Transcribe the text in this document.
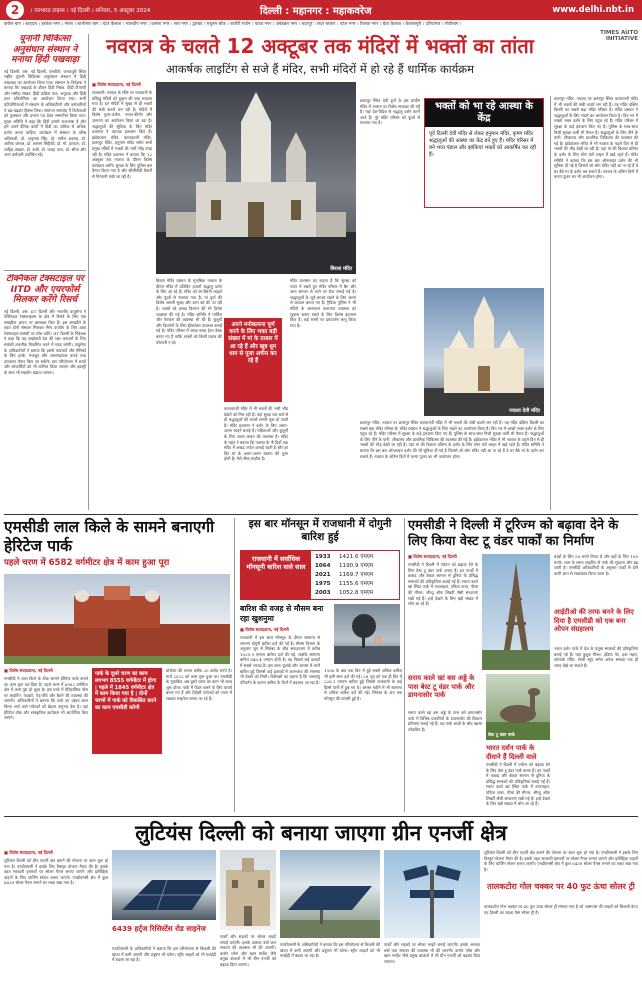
2	। नवभारत टाइम्स । नई दिल्ली । शनिवार, 5 अक्टूबर 2024	दिल्ली : महानगर : महाकवरेज	www.delhi.nbt.in
करोल बाग । शाहदरा । हरकेश नगर । नरेला । शालीमार बाग । ग्रेटर कैलाश । मालवीय नगर । कमला नगर । सरा नगर । द्वारका । मधुबन चौक । राजौरी गार्डन । पांडव नगर । अंबेडकर नगर । बदरपुर । सदर बाजार । पटेल नगर । तिलक नगर । ग्रेटर कैलाश । कैलाशपुरी । दरियागंज । मोतीबाग ।
TIMES AUTO INITIATIVE
यूनानी चिकित्सा अनुसंधान संस्थान ने मनाया हिंदी पखवाड़ा
नई दिल्ली, वसं: नई दिल्ली, एनबीटी: जनकपुरी स्थित राष्ट्रीय यूनानी चिकित्सा अनुसंधान संस्थान में हिंदी पखवाड़ा का आयोजन किया गया। संस्थान के निदेशक ने बताया कि पखवाड़े के दौरान हिंदी निबंध, हिंदी टिप्पणी और मसौदा लेखन, हिंदी कविता पाठ, अनुवाद और हिंदी ज्ञान प्रतियोगिता का आयोजन किया गया। सभी प्रतियोगिताओं में संस्थान के अधिकारियों और कर्मचारियों ने बढ़-चढ़कर हिस्सा लिया। समापन समारोह में विजेताओं को पुरस्कार और प्रमाण पत्र देकर सम्मानित किया गया। मुख्य अतिथि ने कहा कि हिंदी हमारी राजभाषा है और हमें अपने दैनिक कार्यों में हिंदी का अधिक से अधिक प्रयोग करना चाहिए। कार्यक्रम में संस्थान के वरिष्ठ अधिकारी, डॉ. अनुराधा सिंह, डॉ. नसीम अहमद, डॉ. आरिफ जमाल, डॉ. शबनम सिद्दीकी, डॉ. मो. इरफान, डॉ. शाहिद अख्तर, डॉ. रूबी, डॉ. फरहा नाज, डॉ. सीमा और अन्य कर्मचारी उपस्थित रहे।
टेक्निकल टेक्सटाइल पर IITD और एयरफोर्स मिलकर करेंगे रिसर्च
नई दिल्ली, वसं: IIT दिल्ली और भारतीय वायुसेना ने टेक्निकल टेक्सटाइल्स के क्षेत्र में रिसर्च के लिए एक समझौता ज्ञापन पर हस्ताक्षर किए हैं। इस समझौते के तहत दोनों संस्थान मिलकर सैन्य उपयोग के लिए उन्नत टेक्सटाइल सामग्री पर शोध करेंगे। IIT दिल्ली के निदेशक ने कहा कि यह साझेदारी देश की रक्षा जरूरतों के लिए स्वदेशी तकनीक विकसित करने में मदद करेगी। वायुसेना के अधिकारियों ने बताया कि इससे पायलटों और सैनिकों के लिए हल्के, मजबूत और आरामदायक कपड़े तथा उपकरण तैयार किए जा सकेंगे। इस परियोजना में छात्रों और शोधार्थियों को भी शामिल किया जाएगा और इंडस्ट्री के साथ भी सहयोग बढ़ाया जाएगा।
नवरात्र के चलते 12 अक्टूबर तक मंदिरों में भक्तों का तांता
आकर्षक लाइटिंग से सजे हैं मंदिर, सभी मंदिरों में हो रहे हैं धार्मिक कार्यक्रम
■ विशेष संवाददाता, नई दिल्ली
राजधानी: नवरात्र के मौके पर राजधानी के प्रसिद्ध मंदिरों को दुल्हन की तरह सजाया गया है। इन मंदिरों में सुबह से ही भक्तों की लंबी कतारें लग रही हैं। मंदिरों में विशेष पूजा-अर्चना, भजन-कीर्तन और जागरण का आयोजन किया जा रहा है। श्रद्धालुओं की सुविधा के लिए मंदिर प्रशासन ने व्यापक इंतजाम किए हैं। झंडेवालान मंदिर, कालकाजी मंदिर, छतरपुर मंदिर, हनुमान मंदिर समेत सभी प्रमुख मंदिरों में भक्तों की भारी भीड़ उमड़ रही है। मंदिर प्रशासन ने बताया कि 12 अक्टूबर तक नवरात्र के दौरान विशेष कार्यक्रम चलेंगे। सुरक्षा के लिए पुलिस बल तैनात किया गया है और सीसीटीवी कैमरों से निगरानी रखी जा रही है।
बिरला मंदिर
बिरला मंदिर प्रबंधन के मुताबिक नवरात्र के दौरान मंदिर में प्रतिदिन हजारों श्रद्धालु दर्शन के लिए आ रहे हैं। मंदिर को रंग-बिरंगी लाइटों और फूलों से सजाया गया है। मां दुर्गा की विशेष आरती सुबह और शाम को की जा रही है। भक्तों को प्रसाद वितरण की भी विशेष व्यवस्था की गई है। मंदिर समिति ने पार्किंग और पेयजल की व्यवस्था भी की है। बुजुर्गों और दिव्यांगों के लिए व्हीलचेयर उपलब्ध कराई गई है। मंदिर परिसर में जगह-जगह हेल्प डेस्क बनाए गए हैं ताकि भक्तों को किसी प्रकार की परेशानी न हो।
अपने मनोकामना पूर्ण करने के लिए भक्त बड़ी संख्या में मां के दरबार में आ रहे हैं और खूब धूम धाम से पूजा अर्चना कर रहे हैं
कालकाजी मंदिर में भी भक्तों की भारी भीड़ देखने को मिल रही है। यहां सुबह चार बजे से ही श्रद्धालुओं की कतारें लगनी शुरू हो जाती हैं। मंदिर प्रशासन ने दर्शन के लिए अलग-अलग लाइनें बनाई हैं। महिलाओं और बुजुर्गों के लिए अलग लाइन की व्यवस्था है। मंदिर के महंत ने बताया कि नवरात्र के नौ दिनों तक मंदिर में अखंड ज्योत जलाई जाती है और हर दिन मां के अलग-अलग स्वरूप की पूजा होती है। मेले जैसा माहौल है।
मंदिर प्रशासन का कहना है कि सुरक्षा को ध्यान में रखते हुए मंदिर परिसर में बैग और अन्य सामान ले जाने पर रोक लगाई गई है। श्रद्धालुओं के जूते-चप्पल रखने के लिए अलग से काउंटर बनाए गए हैं। ट्रैफिक पुलिस ने भी मंदिरों के आसपास यातायात व्यवस्था को सुचारू बनाए रखने के लिए विशेष इंतजाम किए हैं। कई रास्तों पर डायवर्जन लागू किया गया है।
छतरपुर स्थित देवी दुर्गा के इस प्राचीन मंदिर में नवरात्र पर विशेष सजावट की गई है। यहां देश-विदेश से श्रद्धालु दर्शन करने आते हैं। पूरे मंदिर परिसर को फूलों से सजाया गया है।
भक्तों को भा रहे आस्था के केंद्र
पूर्व दिल्ली देवी मंदिर से लेकर हनुमान मंदिर, कृष्ण मंदिर श्रद्धालुओं की आस्था का केंद्र बने हुए हैं। मंदिर परिसर में बने भव्य पंडाल और झांकियां भक्तों को आकर्षित कर रही हैं।
ज्वाला देवी मंदिर
छतरपुर मंदिर: नवरात्र पर छतरपुर स्थित कात्यायनी मंदिर में भी भक्तों की लंबी कतारें लग रही हैं। यह मंदिर दक्षिण दिल्ली का सबसे बड़ा मंदिर परिसर है। मंदिर प्रबंधन ने श्रद्धालुओं के लिए भंडारे का आयोजन किया है। दिन भर में लाखों भक्त दर्शन के लिए पहुंच रहे हैं। मंदिर परिसर में सुरक्षा के कड़े इंतजाम किए गए हैं। पुलिस के साथ-साथ निजी सुरक्षा कर्मी भी तैनात हैं। श्रद्धालुओं के लिए पीने के पानी, शौचालय और प्राथमिक चिकित्सा की व्यवस्था की गई है। झंडेवालान मंदिर में भी नवरात्र के पहले दिन से ही भक्तों की भीड़ देखी जा रही है। यहां मां की विशाल प्रतिमा के दर्शन के लिए लोग घंटों लाइन में खड़े रहते हैं। मंदिर समिति ने बताया कि इस बार ऑनलाइन दर्शन की भी सुविधा दी गई है जिससे जो लोग मंदिर नहीं आ पा रहे हैं वे घर बैठे मां के दर्शन कर सकते हैं। नवरात्र के अंतिम दिनों में कन्या पूजन का भी आयोजन होगा।
छतरपुर मंदिर: नवरात्र पर छतरपुर स्थित कात्यायनी मंदिर में भी भक्तों की लंबी कतारें लग रही हैं। यह मंदिर दक्षिण दिल्ली का सबसे बड़ा मंदिर परिसर है। मंदिर प्रबंधन ने श्रद्धालुओं के लिए भंडारे का आयोजन किया है। दिन भर में लाखों भक्त दर्शन के लिए पहुंच रहे हैं। मंदिर परिसर में सुरक्षा के कड़े इंतजाम किए गए हैं। पुलिस के साथ-साथ निजी सुरक्षा कर्मी भी तैनात हैं। श्रद्धालुओं के लिए पीने के पानी, शौचालय और प्राथमिक चिकित्सा की व्यवस्था की गई है। झंडेवालान मंदिर में भी नवरात्र के पहले दिन से ही भक्तों की भीड़ देखी जा रही है। यहां मां की विशाल प्रतिमा के दर्शन के लिए लोग घंटों लाइन में खड़े रहते हैं। मंदिर समिति ने बताया कि इस बार ऑनलाइन दर्शन की भी सुविधा दी गई है जिससे जो लोग मंदिर नहीं आ पा रहे हैं वे घर बैठे मां के दर्शन कर सकते हैं। नवरात्र के अंतिम दिनों में कन्या पूजन का भी आयोजन होगा।
एमसीडी लाल किले के सामने बनाएगी हेरिटेज पार्क
पहले चरण में 6582 वर्गमीटर क्षेत्र में काम हुआ पूरा
पार्क के दूसरे चरण का काम लगभग 8555 वर्गमीटर में होगा | पहले में 1845 वर्गमीटर क्षेत्र में काम किया गया है | दोनों चरणों में पार्क को विकसित करने का काम एमसीडी करेगी
■ विशेष संवाददाता, नई दिल्ली
एमसीडी ने लाल किले के ठीक सामने हेरिटेज पार्क बनाने का काम शुरू कर दिया है। पहले चरण में 6582 वर्गमीटर क्षेत्र में काम पूरा हो चुका है। इस पार्क में ऐतिहासिक थीम पर लाइटिंग, फव्वारे, पेड़-पौधे और बैठने की व्यवस्था की जाएगी। अधिकारियों ने बताया कि पार्क का उद्देश्य लाल किला आने वाले पर्यटकों को बेहतर अनुभव देना है। यहां हेरिटेज वॉक और सांस्कृतिक कार्यक्रम भी आयोजित किए जाएंगे।
प्रोजेक्ट की लागत करीब 20 करोड़ रुपये है। मार्च 2022 को काम शुरू हुआ था। एमसीडी के मुताबिक अब दूसरे चरण का काम भी जल्द शुरू होगा। पार्क में पैदल चलने के लिए पाथवे बनाए गए हैं और विदेशी पर्यटकों को ध्यान में रखकर साइनेज लगाए जा रहे हैं।
इस बार मॉनसून में राजधानी में दोगुनी बारिश हुई
राजधानी में सर्वाधिक मॉनसूनी बारिश वाले साल
1933	1421.6 एमएम
1064	1190.9 एमएम
2021	1169.7 एमएम
1975	1155.6 एमएम
2003	1052.8 एमएम
बारिश की वजह से मौसम बना रहा खुशनुमा
■ विशेष संवाददाता, नई दिल्ली
राजधानी में इस साल मॉनसून के दौरान सामान्य से लगभग दोगुनी बारिश दर्ज की गई है। मौसम विभाग के अनुसार जून से सितंबर के बीच सफदरजंग में करीब 1029.9 एमएम बारिश दर्ज की गई, जबकि सामान्य बारिश 640.4 एमएम होती है। यह पिछले कई दशकों में सबसे ज्यादा है। इस साल जुलाई और अगस्त में भारी बारिश हुई जिससे कई इलाकों में जलभराव की समस्या भी देखने को मिली। विशेषज्ञों का कहना है कि जलवायु परिवर्तन के कारण बारिश के पैटर्न में बदलाव आ रहा है।
1936 के बाद एक दिन में हुई सबसे अधिक बारिश भी इसी साल दर्ज की गई। 28 जून को एक ही दिन में 228.1 एमएम बारिश हुई जिससे राजधानी के कई हिस्से पानी में डूब गए थे। अगस्त महीने में भी सामान्य से अधिक बारिश दर्ज की गई। सितंबर के अंत तक मॉनसून की वापसी हुई है।
एमसीडी ने दिल्ली में टूरिज्म को बढ़ावा देने के लिए किया वेस्ट टू वंडर पार्कों का निर्माण
■ विशेष संवाददाता, नई दिल्ली
एमसीडी ने दिल्ली में पर्यटन को बढ़ावा देने के लिए वेस्ट टू वंडर पार्क बनाए हैं। इन पार्कों में कबाड़ और बेकार सामान से दुनिया के प्रसिद्ध स्मारकों की प्रतिकृतियां बनाई गई हैं। सराय काले खां स्थित पार्क में ताजमहल, एफिल टावर, पीसा की मीनार, स्टैच्यू ऑफ लिबर्टी जैसी संरचनाएं रखी गई हैं। इन्हें देखने के लिए बड़ी संख्या में लोग आ रहे हैं।
बच्चों के लिए 50 रुपये टिकट है और बड़ों के लिए 100 रुपये। शाम के समय लाइटिंग से पार्क की सुंदरता और बढ़ जाती है। एमसीडी अधिकारियों के अनुसार पार्कों से होने वाली आय से रखरखाव किया जाता है।
आईटीओ की तरफ बनने के लिए दिया है एमसीडी को एक बना ओपन संग्रहालय
भारत दर्शन पार्क में देश के प्रमुख स्मारकों की प्रतिकृतियां बनाई गई हैं। यहां कुतुब मीनार, इंडिया गेट, हवा महल, कोणार्क मंदिर, सांची स्तूप समेत अनेक स्मारक एक ही जगह देखे जा सकते हैं।
सराय काले खां बस अड्डे के पास बेस्ट टू वंडर पार्क और डायनासोर पार्क
सराय काले खां बस अड्डे के पास बने डायनासोर पार्क में विभिन्न प्रजातियों के डायनासोर की विशाल प्रतिमाएं बनाई गई हैं। यह पार्क बच्चों के बीच खासा लोकप्रिय है।
भारत दर्शन पार्क के दीवाने हैं दिल्ली वाले
वेस्ट टू वंडर पार्क
एमसीडी ने दिल्ली में पर्यटन को बढ़ावा देने के लिए वेस्ट टू वंडर पार्क बनाए हैं। इन पार्कों में कबाड़ और बेकार सामान से दुनिया के प्रसिद्ध स्मारकों की प्रतिकृतियां बनाई गई हैं। सराय काले खां स्थित पार्क में ताजमहल, एफिल टावर, पीसा की मीनार, स्टैच्यू ऑफ लिबर्टी जैसी संरचनाएं रखी गई हैं। इन्हें देखने के लिए बड़ी संख्या में लोग आ रहे हैं।
लुटियंस दिल्ली को बनाया जाएगा ग्रीन एनर्जी क्षेत्र
■ विशेष संवाददाता, नई दिल्ली
लुटियंस दिल्ली को ग्रीन एनर्जी क्षेत्र बनाने की योजना पर काम शुरू हो गया है। एनडीएमसी ने इसके लिए विस्तृत योजना तैयार की है। इसके तहत सरकारी इमारतों पर सोलर पैनल लगाए जाएंगे और इलेक्ट्रिक वाहनों के लिए चार्जिंग स्टेशन बनाए जाएंगे। एनडीएमसी क्षेत्र में कुल 6439 सोलर पैनल लगाने का लक्ष्य रखा गया है।
6439 हर्ट्ज रिसिस्टेंस रोड साइनेज
एनडीएमसी के अधिकारियों ने बताया कि इस परियोजना से बिजली की खपत में कमी आएगी और प्रदूषण भी घटेगा। स्ट्रीट लाइटों को भी एलईडी में बदला जा रहा है।
पार्कों और सड़कों पर सोलर लाइटें लगाई जाएंगी। इसके अलावा वर्षा जल संचयन की व्यवस्था भी की जाएगी। कनॉट प्लेस और खान मार्केट जैसे प्रमुख बाजारों में भी ग्रीन एनर्जी को बढ़ावा दिया जाएगा।
एनडीएमसी के अधिकारियों ने बताया कि इस परियोजना से बिजली की खपत में कमी आएगी और प्रदूषण भी घटेगा। स्ट्रीट लाइटों को भी एलईडी में बदला जा रहा है।
पार्कों और सड़कों पर सोलर लाइटें लगाई जाएंगी। इसके अलावा वर्षा जल संचयन की व्यवस्था भी की जाएगी। कनॉट प्लेस और खान मार्केट जैसे प्रमुख बाजारों में भी ग्रीन एनर्जी को बढ़ावा दिया जाएगा।
लुटियंस दिल्ली को ग्रीन एनर्जी क्षेत्र बनाने की योजना पर काम शुरू हो गया है। एनडीएमसी ने इसके लिए विस्तृत योजना तैयार की है। इसके तहत सरकारी इमारतों पर सोलर पैनल लगाए जाएंगे और इलेक्ट्रिक वाहनों के लिए चार्जिंग स्टेशन बनाए जाएंगे। एनडीएमसी क्षेत्र में कुल 6439 सोलर पैनल लगाने का लक्ष्य रखा गया है।
तालकटोरा गोल चक्कर पर 40 फुट ऊंचा सोलर ट्री
तालकटोरा गोल चक्कर पर 40 फुट ऊंचा सोलर ट्री लगाया गया है जो आसपास की लाइटों को बिजली देगा। यह दिल्ली का पहला ऐसा सोलर ट्री है।
